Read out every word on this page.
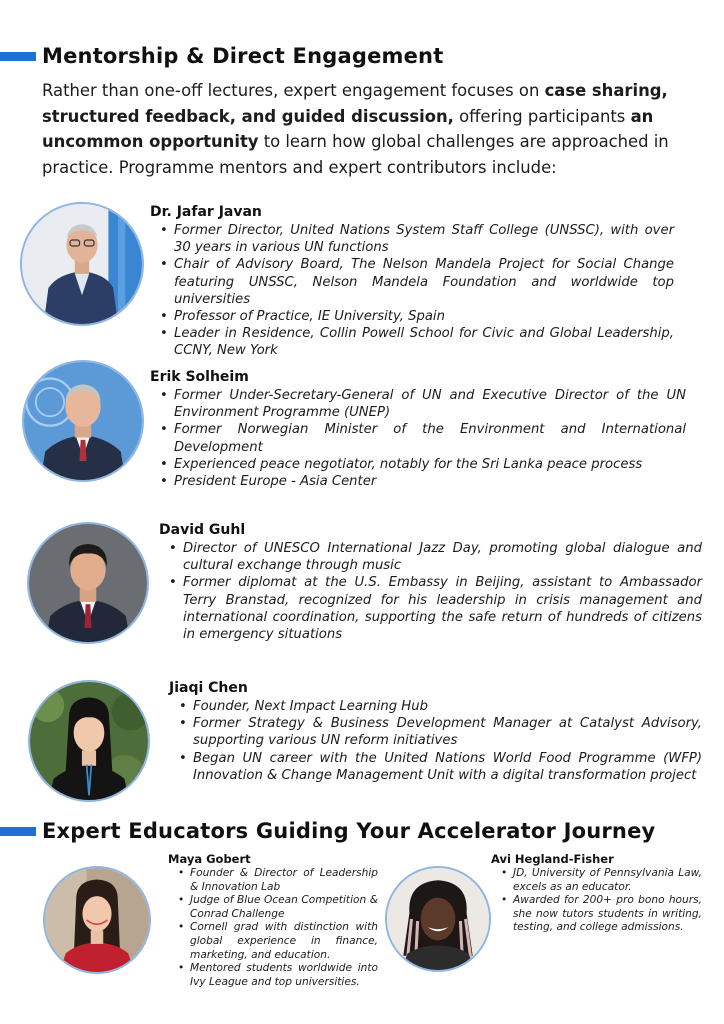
Mentorship & Direct Engagement

Rather than one-off lectures, expert engagement focuses on case sharing, structured feedback, and guided discussion, offering participants an uncommon opportunity to learn how global challenges are approached in practice. Programme mentors and expert contributors include:

Dr. Jafar Javan
• Former Director, United Nations System Staff College (UNSSC), with over 30 years in various UN functions
• Chair of Advisory Board, The Nelson Mandela Project for Social Change featuring UNSSC, Nelson Mandela Foundation and worldwide top universities
• Professor of Practice, IE University, Spain
• Leader in Residence, Collin Powell School for Civic and Global Leadership, CCNY, New York
Erik Solheim
• Former Under-Secretary-General of UN and Executive Director of the UN Environment Programme (UNEP)
• Former Norwegian Minister of the Environment and International Development
• Experienced peace negotiator, notably for the Sri Lanka peace process
• President Europe - Asia Center
David Guhl
• Director of UNESCO International Jazz Day, promoting global dialogue and cultural exchange through music
• Former diplomat at the U.S. Embassy in Beijing, assistant to Ambassador Terry Branstad, recognized for his leadership in crisis management and international coordination, supporting the safe return of hundreds of citizens in emergency situations
Jiaqi Chen
• Founder, Next Impact Learning Hub
• Former Strategy & Business Development Manager at Catalyst Advisory, supporting various UN reform initiatives
• Began UN career with the United Nations World Food Programme (WFP) Innovation & Change Management Unit with a digital transformation project
Expert Educators Guiding Your Accelerator Journey
Maya Gobert
• Founder & Director of Leadership & Innovation Lab
• Judge of Blue Ocean Competition & Conrad Challenge
• Cornell grad with distinction with global experience in finance, marketing, and education.
• Mentored students worldwide into Ivy League and top universities.
Avi Hegland-Fisher
• JD, University of Pennsylvania Law, excels as an educator.
• Awarded for 200+ pro bono hours, she now tutors students in writing, testing, and college admissions.
